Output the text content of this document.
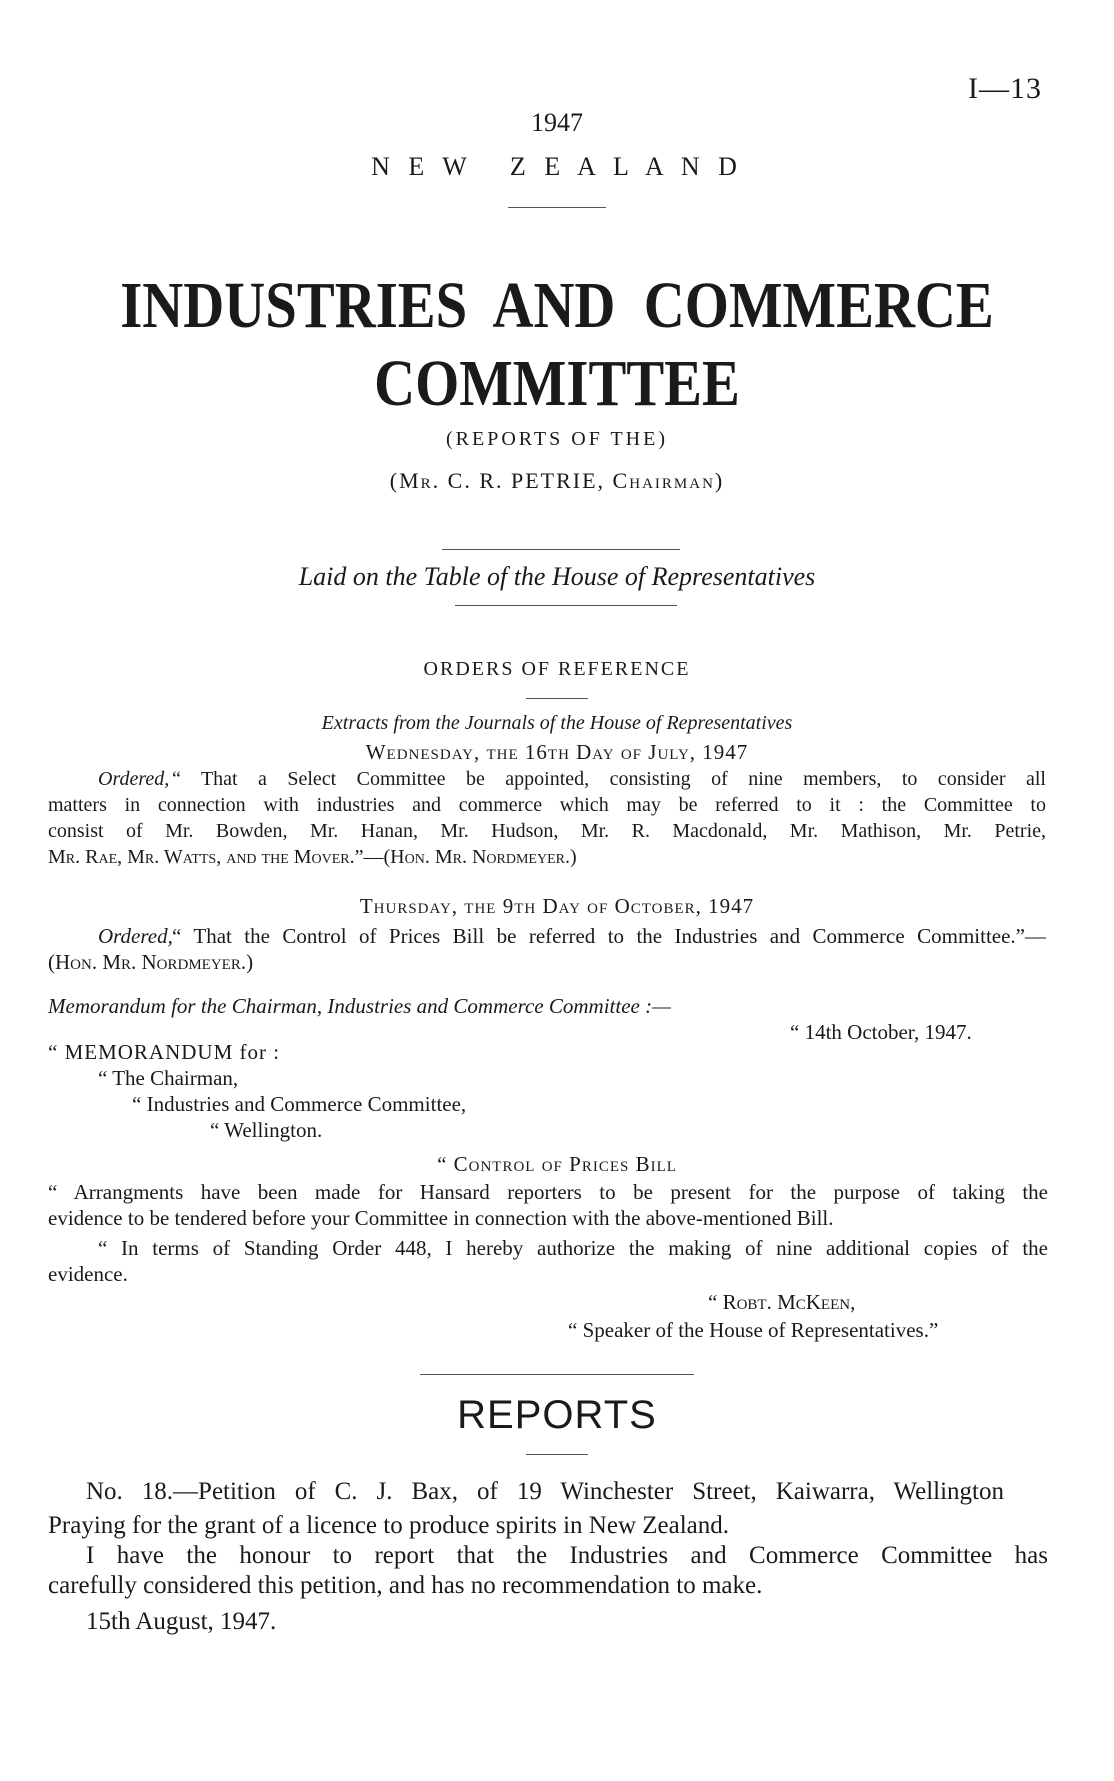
I—13
1947
N E W   Z E A L A N D
INDUSTRIES  AND  COMMERCE
COMMITTEE
(REPORTS OF THE)
(Mr. C. R. PETRIE, Chairman)
Laid on the Table of the House of Representatives
ORDERS OF REFERENCE
Extracts from the Journals of the House of Representatives
Wednesday, the 16th Day of July, 1947
Ordered, “ That a Select Committee be appointed, consisting of nine members, to consider all
matters in connection with industries and commerce which may be referred to it : the Committee to
consist of Mr. Bowden, Mr. Hanan, Mr. Hudson, Mr. R. Macdonald, Mr. Mathison, Mr. Petrie,
Mr. Rae, Mr. Watts, and the Mover.”—(Hon. Mr. Nordmeyer.)
Thursday, the 9th Day of October, 1947
Ordered, “ That the Control of Prices Bill be referred to the Industries and Commerce Committee.”—
(Hon. Mr. Nordmeyer.)
Memorandum for the Chairman, Industries and Commerce Committee :—
“ 14th October, 1947.
“ MEMORANDUM for :
“ The Chairman,
“ Industries and Commerce Committee,
“ Wellington.
“ Control of Prices Bill
“ Arrangments have been made for Hansard reporters to be present for the purpose of taking the
evidence to be tendered before your Committee in connection with the above-mentioned Bill.
“ In terms of Standing Order 448, I hereby authorize the making of nine additional copies of the
evidence.
“ Robt. McKeen,
“ Speaker of the House of Representatives.”
REPORTS
No. 18.—Petition of C. J. Bax, of 19 Winchester Street, Kaiwarra, Wellington
Praying for the grant of a licence to produce spirits in New Zealand.
I have the honour to report that the Industries and Commerce Committee has
carefully considered this petition, and has no recommendation to make.
15th August, 1947.
